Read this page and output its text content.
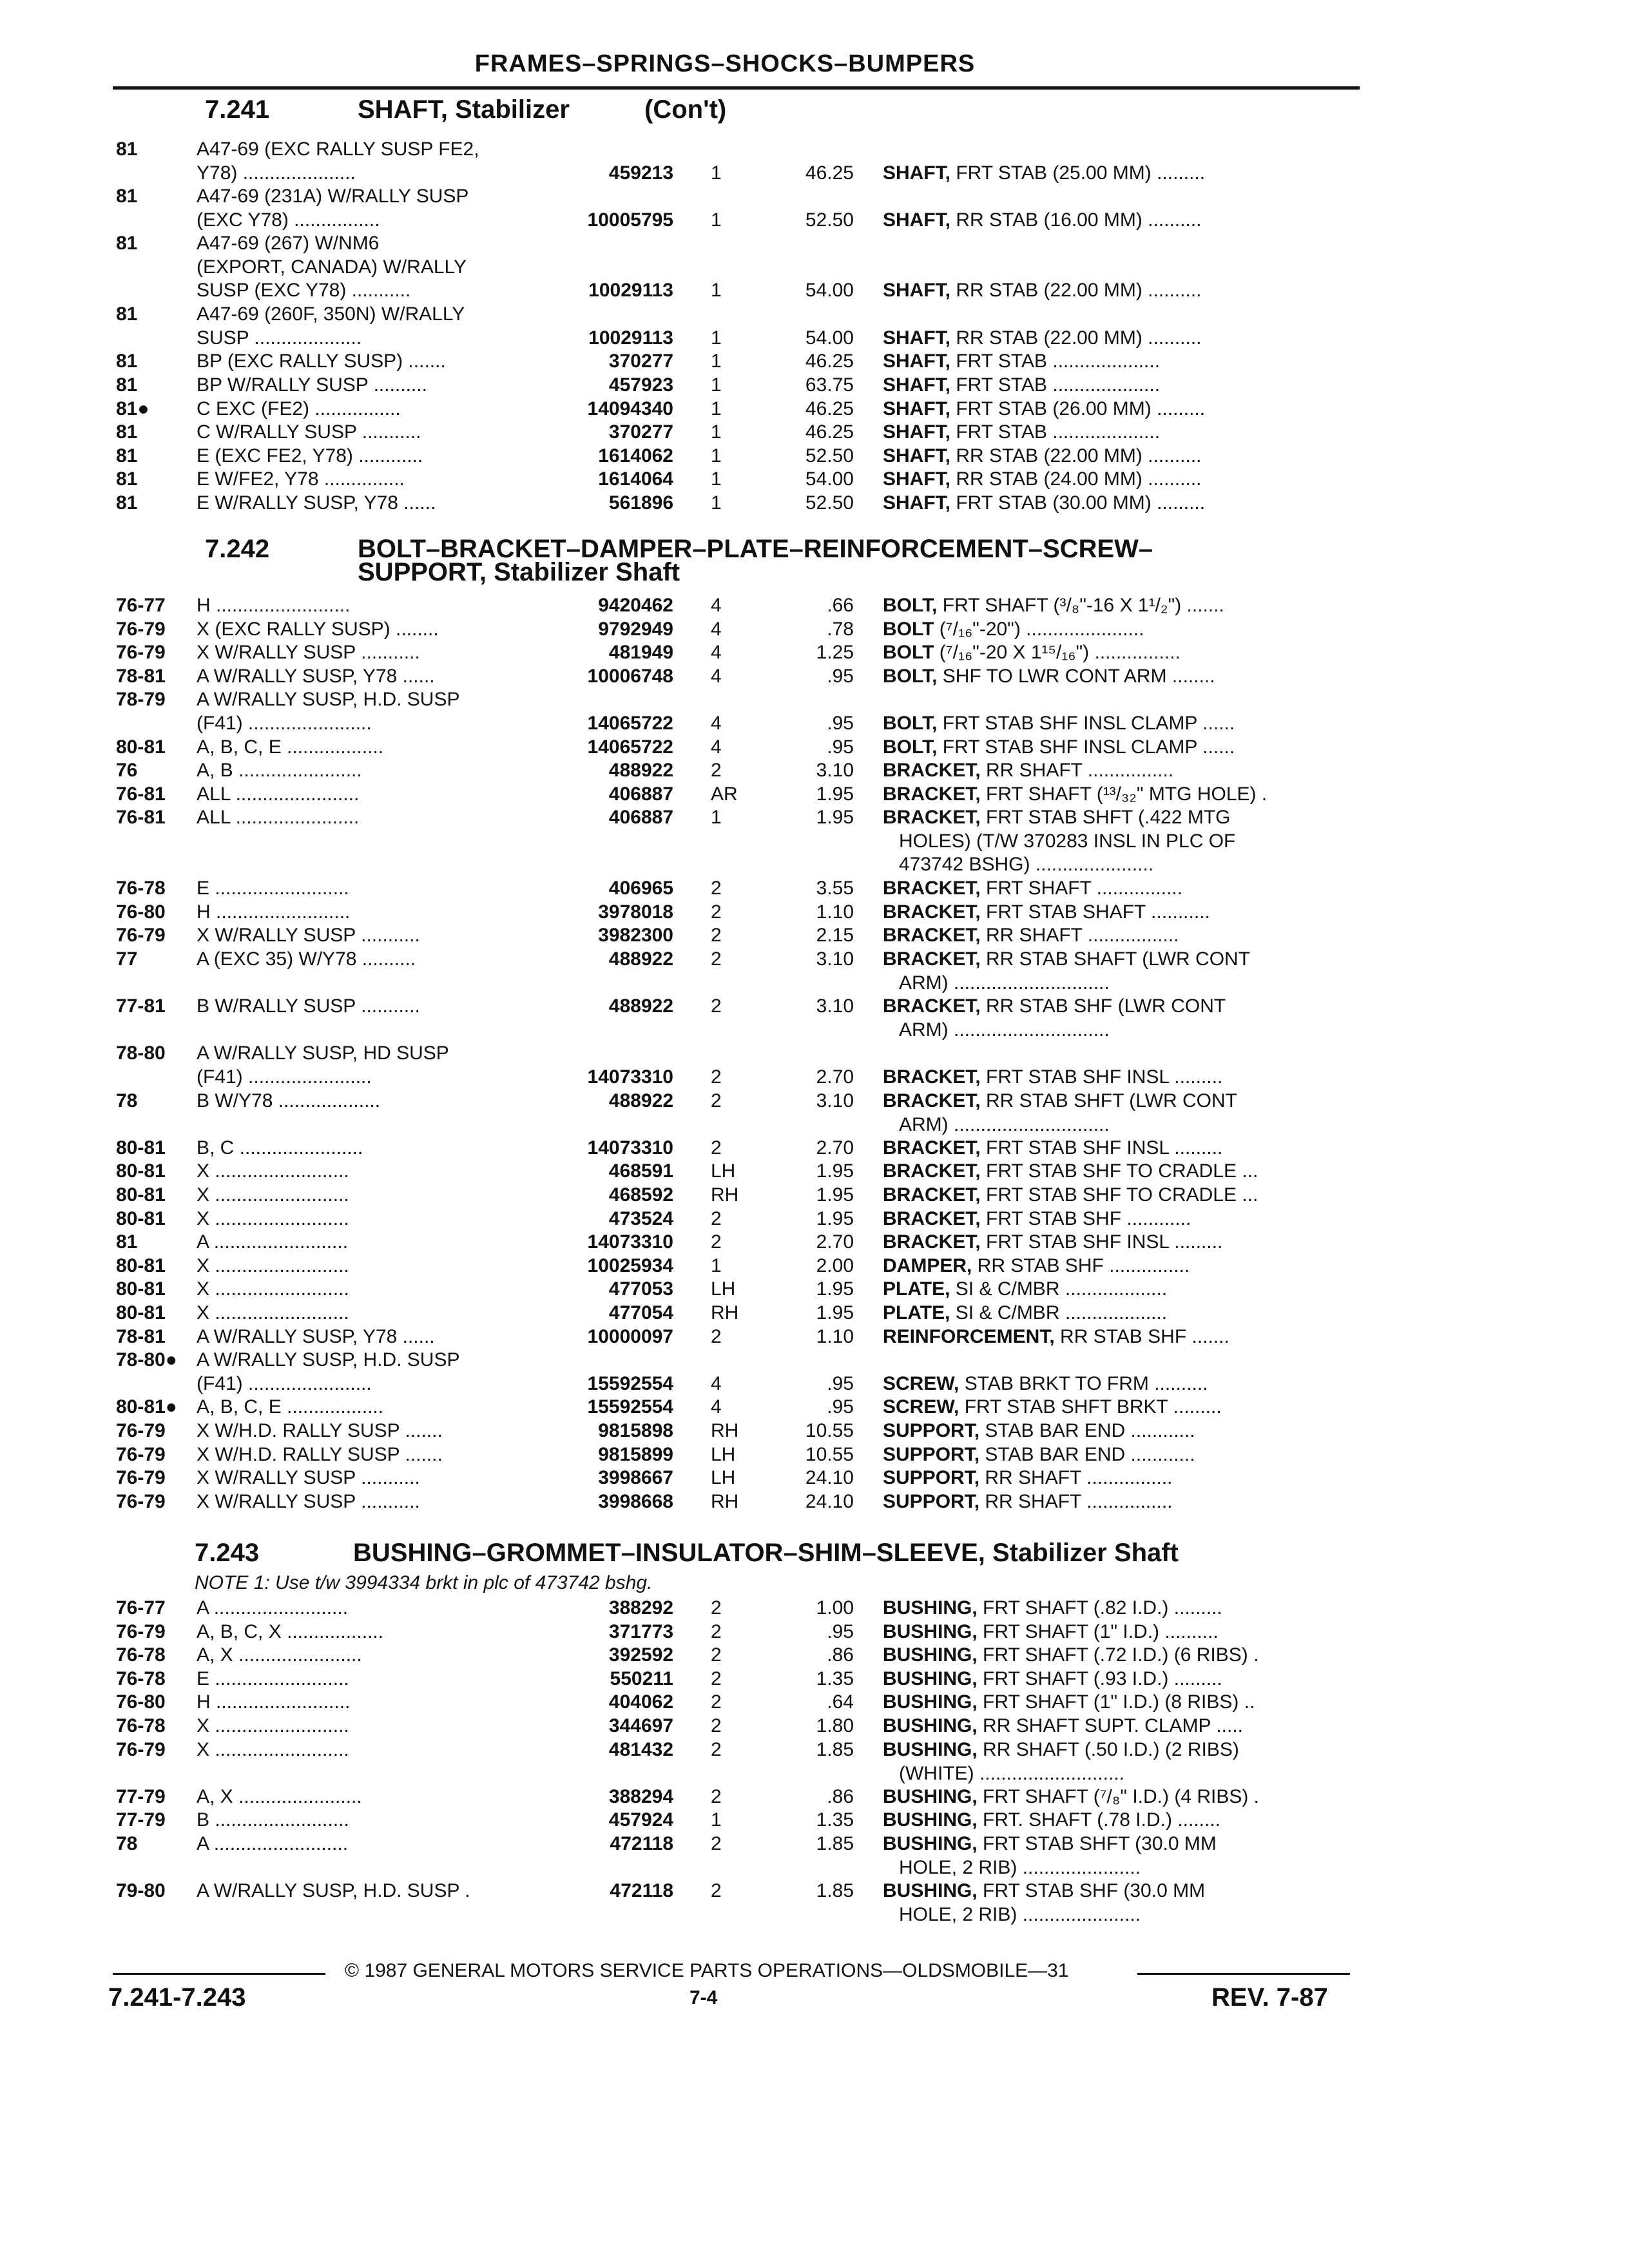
FRAMES–SPRINGS–SHOCKS–BUMPERS
7.241	SHAFT, Stabilizer	(Con't)
81	A47-69 (EXC RALLY SUSP FE2,
Y78) .....................	459213 1	46.25 SHAFT, FRT STAB (25.00 MM) .........
81	A47-69 (231A) W/RALLY SUSP
(EXC Y78) ................	10005795 1	52.50 SHAFT, RR STAB (16.00 MM) ..........
81	A47-69 (267) W/NM6
(EXPORT, CANADA) W/RALLY
SUSP (EXC Y78) ...........	10029113 1	54.00 SHAFT, RR STAB (22.00 MM) ..........
81	A47-69 (260F, 350N) W/RALLY
SUSP ....................	10029113 1	54.00 SHAFT, RR STAB (22.00 MM) ..........
81	BP (EXC RALLY SUSP) .......	370277 1	46.25 SHAFT, FRT STAB ....................
81	BP W/RALLY SUSP ..........	457923 1	63.75 SHAFT, FRT STAB ....................
81● C EXC (FE2) ................	14094340 1	46.25 SHAFT, FRT STAB (26.00 MM) .........
81	C W/RALLY SUSP ...........	370277 1	46.25 SHAFT, FRT STAB ....................
81	E (EXC FE2, Y78) ............	1614062 1	52.50 SHAFT, RR STAB (22.00 MM) ..........
81	E W/FE2, Y78 ...............	1614064 1	54.00 SHAFT, RR STAB (24.00 MM) ..........
81	E W/RALLY SUSP, Y78 ......	561896 1	52.50 SHAFT, FRT STAB (30.00 MM) .........
7.242	BOLT–BRACKET–DAMPER–PLATE–REINFORCEMENT–SCREW–
SUPPORT, Stabilizer Shaft
76-77 H .........................	9420462 4	.66 BOLT, FRT SHAFT (³/₈"-16 X 1¹/₂") .......
76-79 X (EXC RALLY SUSP) ........	9792949 4	.78 BOLT (⁷/₁₆"-20") ......................
76-79 X W/RALLY SUSP ...........	481949 4	1.25 BOLT (⁷/₁₆"-20 X 1¹⁵/₁₆") ................
78-81 A W/RALLY SUSP, Y78 ......	10006748 4	.95 BOLT, SHF TO LWR CONT ARM ........
78-79 A W/RALLY SUSP, H.D. SUSP
(F41) .......................	14065722 4	.95 BOLT, FRT STAB SHF INSL CLAMP ......
80-81 A, B, C, E ..................	14065722 4	.95 BOLT, FRT STAB SHF INSL CLAMP ......
76	A, B .......................	488922 2	3.10 BRACKET, RR SHAFT ................
76-81 ALL .......................	406887 AR	1.95 BRACKET, FRT SHAFT (¹³/₃₂" MTG HOLE) .
76-81 ALL .......................	406887 1	1.95 BRACKET, FRT STAB SHFT (.422 MTG
HOLES) (T/W 370283 INSL IN PLC OF
473742 BSHG) ......................
76-78 E .........................	406965 2	3.55 BRACKET, FRT SHAFT ................
76-80 H .........................	3978018 2	1.10 BRACKET, FRT STAB SHAFT ...........
76-79 X W/RALLY SUSP ...........	3982300 2	2.15 BRACKET, RR SHAFT .................
77	A (EXC 35) W/Y78 ..........	488922 2	3.10 BRACKET, RR STAB SHAFT (LWR CONT
ARM) .............................
77-81 B W/RALLY SUSP ...........	488922 2	3.10 BRACKET, RR STAB SHF (LWR CONT
ARM) .............................
78-80 A W/RALLY SUSP, HD SUSP
(F41) .......................	14073310 2	2.70 BRACKET, FRT STAB SHF INSL .........
78	B W/Y78 ...................	488922 2	3.10 BRACKET, RR STAB SHFT (LWR CONT
ARM) .............................
80-81 B, C .......................	14073310 2	2.70 BRACKET, FRT STAB SHF INSL .........
80-81 X .........................	468591 LH	1.95 BRACKET, FRT STAB SHF TO CRADLE ...
80-81 X .........................	468592 RH	1.95 BRACKET, FRT STAB SHF TO CRADLE ...
80-81 X .........................	473524 2	1.95 BRACKET, FRT STAB SHF ............
81	A .........................	14073310 2	2.70 BRACKET, FRT STAB SHF INSL .........
80-81 X .........................	10025934 1	2.00 DAMPER, RR STAB SHF ...............
80-81 X .........................	477053 LH	1.95 PLATE, SI & C/MBR ...................
80-81 X .........................	477054 RH	1.95 PLATE, SI & C/MBR ...................
78-81 A W/RALLY SUSP, Y78 ......	10000097 2	1.10 REINFORCEMENT, RR STAB SHF .......
78-80● A W/RALLY SUSP, H.D. SUSP
(F41) .......................	15592554 4	.95 SCREW, STAB BRKT TO FRM ..........
80-81● A, B, C, E ..................	15592554 4	.95 SCREW, FRT STAB SHFT BRKT .........
76-79 X W/H.D. RALLY SUSP .......	9815898 RH	10.55 SUPPORT, STAB BAR END ............
76-79 X W/H.D. RALLY SUSP .......	9815899 LH	10.55 SUPPORT, STAB BAR END ............
76-79 X W/RALLY SUSP ...........	3998667 LH	24.10 SUPPORT, RR SHAFT ................
76-79 X W/RALLY SUSP ...........	3998668 RH	24.10 SUPPORT, RR SHAFT ................
7.243	BUSHING–GROMMET–INSULATOR–SHIM–SLEEVE, Stabilizer Shaft
NOTE 1: Use t/w 3994334 brkt in plc of 473742 bshg.
76-77 A .........................	388292 2	1.00 BUSHING, FRT SHAFT (.82 I.D.) .........
76-79 A, B, C, X ..................	371773 2	.95 BUSHING, FRT SHAFT (1" I.D.) ..........
76-78 A, X .......................	392592 2	.86 BUSHING, FRT SHAFT (.72 I.D.) (6 RIBS) .
76-78 E .........................	550211 2	1.35 BUSHING, FRT SHAFT (.93 I.D.) .........
76-80 H .........................	404062 2	.64 BUSHING, FRT SHAFT (1" I.D.) (8 RIBS) ..
76-78 X .........................	344697 2	1.80 BUSHING, RR SHAFT SUPT. CLAMP .....
76-79 X .........................	481432 2	1.85 BUSHING, RR SHAFT (.50 I.D.) (2 RIBS)
(WHITE) ...........................
77-79 A, X .......................	388294 2	.86 BUSHING, FRT SHAFT (⁷/₈" I.D.) (4 RIBS) .
77-79 B .........................	457924 1	1.35 BUSHING, FRT. SHAFT (.78 I.D.) ........
78	A .........................	472118 2	1.85 BUSHING, FRT STAB SHFT (30.0 MM
HOLE, 2 RIB) ......................
79-80 A W/RALLY SUSP, H.D. SUSP .	472118 2	1.85 BUSHING, FRT STAB SHF (30.0 MM
HOLE, 2 RIB) ......................
© 1987 GENERAL MOTORS SERVICE PARTS OPERATIONS—OLDSMOBILE—31
7.241-7.243	7-4	REV. 7-87
